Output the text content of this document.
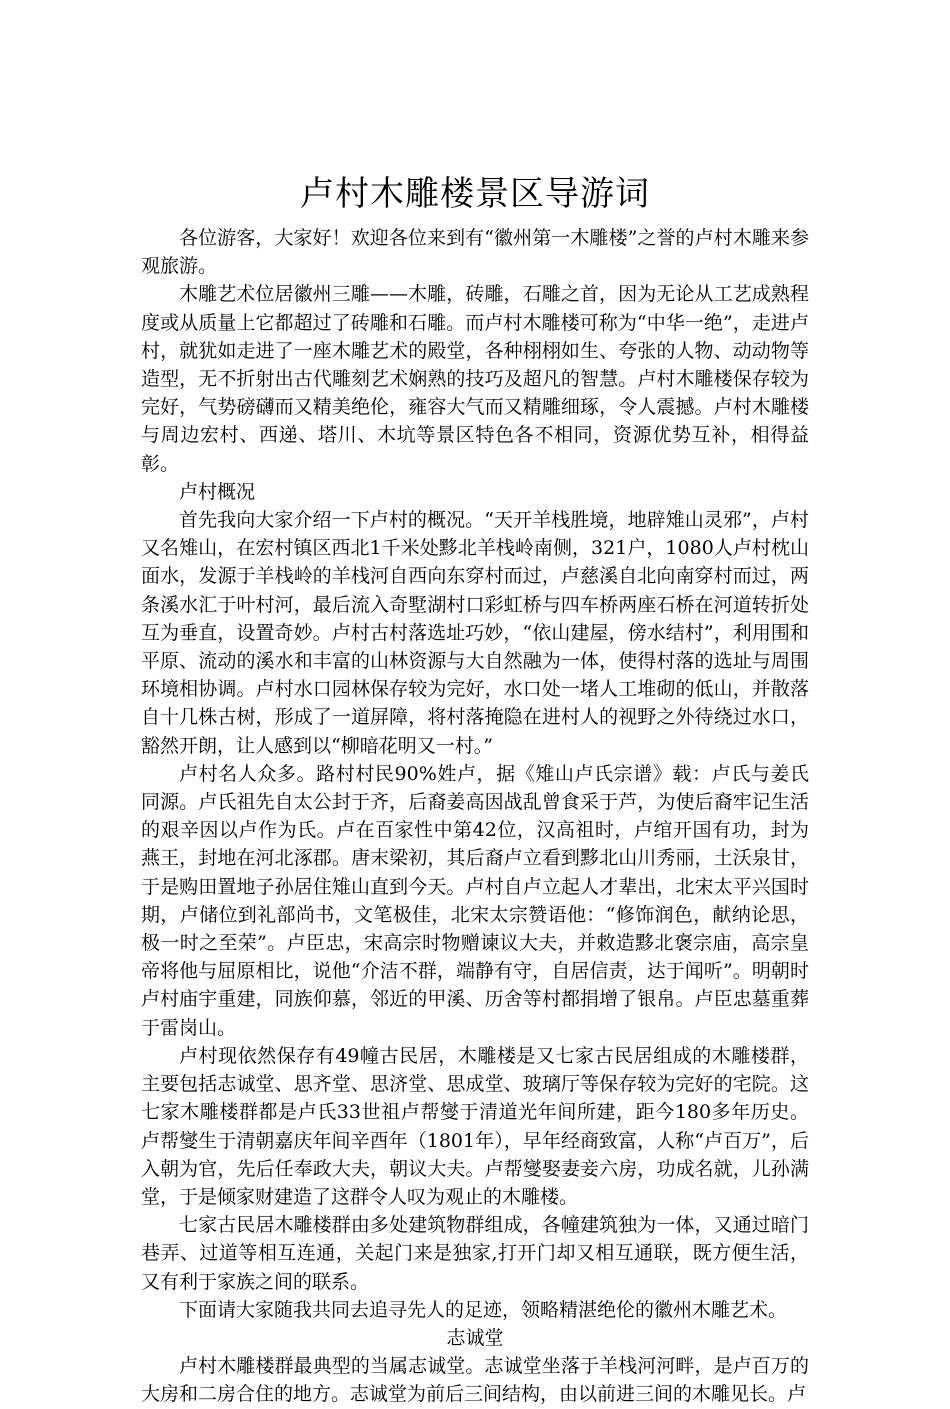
卢村木雕楼景区导游词

各位游客，大家好！欢迎各位来到有“徽州第一木雕楼”之誉的卢村木雕来参观旅游。

木雕艺术位居徽州三雕——木雕，砖雕，石雕之首，因为无论从工艺成熟程度或从质量上它都超过了砖雕和石雕。而卢村木雕楼可称为“中华一绝”，走进卢村，就犹如走进了一座木雕艺术的殿堂，各种栩栩如生、夸张的人物、动动物等造型，无不折射出古代雕刻艺术娴熟的技巧及超凡的智慧。卢村木雕楼保存较为完好，气势磅礴而又精美绝伦，雍容大气而又精雕细琢，令人震撼。卢村木雕楼与周边宏村、西递、塔川、木坑等景区特色各不相同，资源优势互补，相得益彰。

卢村概况

首先我向大家介绍一下卢村的概况。“天开羊栈胜境，地辟雉山灵邪”，卢村又名雉山，在宏村镇区西北1千米处黟北羊栈岭南侧，321户，1080人卢村枕山面水，发源于羊栈岭的羊栈河自西向东穿村而过，卢慈溪自北向南穿村而过，两条溪水汇于叶村河，最后流入奇墅湖村口彩虹桥与四车桥两座石桥在河道转折处互为垂直，设置奇妙。卢村古村落选址巧妙，“依山建屋，傍水结村”，利用围和平原、流动的溪水和丰富的山林资源与大自然融为一体，使得村落的选址与周围环境相协调。卢村水口园林保存较为完好，水口处一堵人工堆砌的低山，并散落自十几株古树，形成了一道屏障，将村落掩隐在进村人的视野之外待绕过水口，豁然开朗，让人感到以“柳暗花明又一村。”

卢村名人众多。路村村民90%姓卢，据《雉山卢氏宗谱》载：卢氏与姜氏同源。卢氏祖先自太公封于齐，后裔姜高因战乱曾食采于芦，为使后裔牢记生活的艰辛因以卢作为氏。卢在百家性中第42位，汉高祖时，卢绾开国有功，封为燕王，封地在河北涿郡。唐末梁初，其后裔卢立看到黟北山川秀丽，土沃泉甘，于是购田置地子孙居住雉山直到今天。卢村自卢立起人才辈出，北宋太平兴国时期，卢储位到礼部尚书，文笔极佳，北宋太宗赞语他：“修饰润色，献纳论思，极一时之至荣”。卢臣忠，宋高宗时物赠谏议大夫，并敕造黟北褒宗庙，高宗皇帝将他与屈原相比，说他“介洁不群，端静有守，自居信责，达于闻听”。明朝时卢村庙宇重建，同族仰慕，邻近的甲溪、历舍等村都捐增了银帛。卢臣忠墓重葬于雷岗山。

卢村现依然保存有49幢古民居，木雕楼是又七家古民居组成的木雕楼群，主要包括志诚堂、思齐堂、思济堂、思成堂、玻璃厅等保存较为完好的宅院。这七家木雕楼群都是卢氏33世祖卢帮燮于清道光年间所建，距今180多年历史。卢帮燮生于清朝嘉庆年间辛酉年（1801年），早年经商致富，人称“卢百万”，后入朝为官，先后任奉政大夫，朝议大夫。卢帮燮娶妻妾六房，功成名就，儿孙满堂，于是倾家财建造了这群令人叹为观止的木雕楼。

七家古民居木雕楼群由多处建筑物群组成，各幢建筑独为一体，又通过暗门巷弄、过道等相互连通，关起门来是独家,打开门却又相互通联，既方便生活，又有利于家族之间的联系。

下面请大家随我共同去追寻先人的足迹，领略精湛绝伦的徽州木雕艺术。

志诚堂

卢村木雕楼群最典型的当属志诚堂。志诚堂坐落于羊栈河河畔，是卢百万的大房和二房合住的地方。志诚堂为前后三间结构，由以前进三间的木雕见长。卢
